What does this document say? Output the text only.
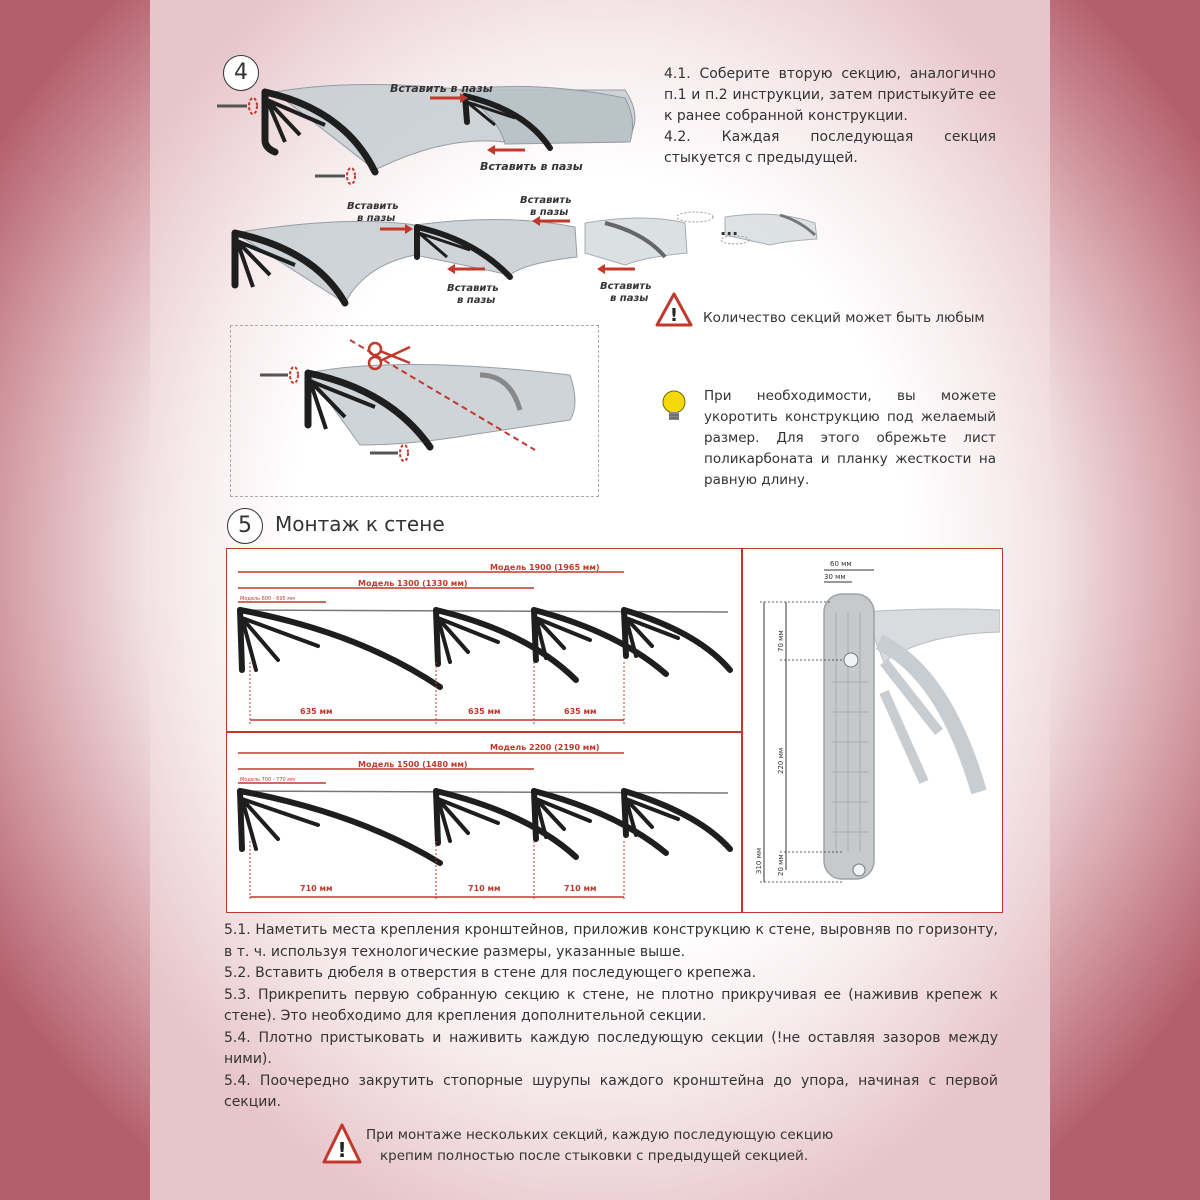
4	4.1. Соберите вторую секцию, аналогично п.1 и п.2 инструкции, затем пристыкуйте ее к ранее собранной конструкции.

4.2. Каждая последующая секция стыкуется с предыдущей.

Вставить в пазы
Вставить в пазы
...
Вставить
в пазы
Вставить
в пазы
Вставить
в пазы
Вставить
в пазы
! Количество секций может быть любым
При необходимости, вы можете укоротить конструкцию под желаемый размер. Для этого обрежьте лист поликарбоната и планку жесткости на равную длину.
5	Монтаж к стене
Модель 1900 (1965 мм)
Модель 1300 (1330 мм)
Модель 600 - 695 мм
635 мм	635 мм	635 мм
Модель 2200 (2190 мм)
Модель 1500 (1480 мм)
Модель 700 - 770 мм
710 мм	710 мм	710 мм
60 мм
30 мм
70 мм
220 мм
20 мм
310 мм

5.1. Наметить места крепления кронштейнов, приложив конструкцию к стене, выровняв по горизонту, в т. ч. используя технологические размеры, указанные выше.

5.2. Вставить дюбеля в отверстия в стене для последующего крепежа.

5.3. Прикрепить первую собранную секцию к стене, не плотно прикручивая ее (наживив крепеж к стене). Это необходимо для крепления дополнительной секции.

5.4. Плотно пристыковать и наживить каждую последующую секции (!не оставляя зазоров между ними).

5.4. Поочередно закрутить стопорные шурупы каждого кронштейна до упора, начиная с первой секции.

!
При монтаже нескольких секций, каждую последующую секцию
крепим полностью после стыковки с предыдущей секцией.
